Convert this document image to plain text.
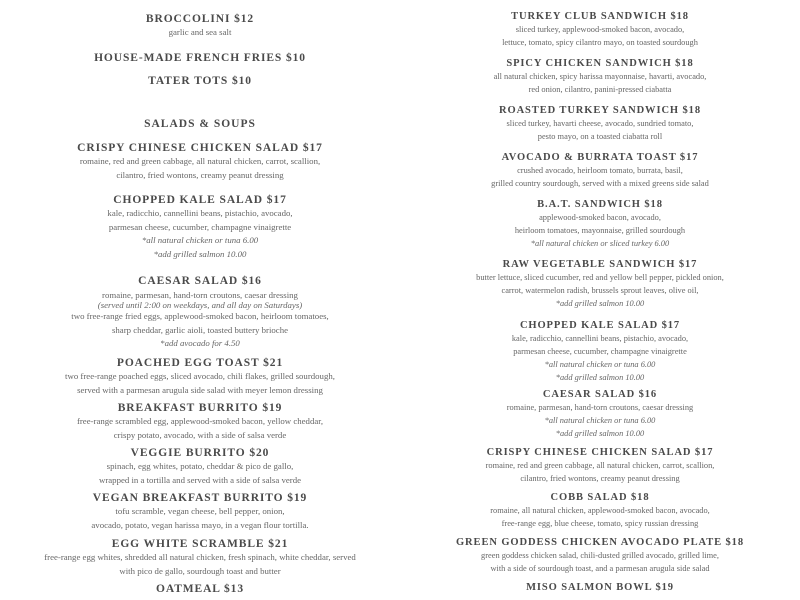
BROCCOLINI $12
garlic and sea salt
HOUSE-MADE FRENCH FRIES $10
TATER TOTS $10
SALADS & SOUPS
CRISPY CHINESE CHICKEN SALAD $17
romaine, red and green cabbage, all natural chicken, carrot, scallion,
cilantro, fried wontons, creamy peanut dressing
CHOPPED KALE SALAD $17
kale, radicchio, cannellini beans, pistachio, avocado,
parmesan cheese, cucumber, champagne vinaigrette
*all natural chicken or tuna 6.00
*add grilled salmon 10.00
CAESAR SALAD $16
romaine, parmesan, hand-torn croutons, caesar dressing
(served until 2:00 on weekdays, and all day on Saturdays)
two free-range fried eggs, applewood-smoked bacon, heirloom tomatoes,
sharp cheddar, garlic aioli, toasted buttery brioche
*add avocado for 4.50
POACHED EGG TOAST $21
two free-range poached eggs, sliced avocado, chili flakes, grilled sourdough,
served with a parmesan arugula side salad with meyer lemon dressing
BREAKFAST BURRITO $19
free-range scrambled egg, applewood-smoked bacon, yellow cheddar,
crispy potato, avocado, with a side of salsa verde
VEGGIE BURRITO $20
spinach, egg whites, potato, cheddar & pico de gallo,
wrapped in a tortilla and served with a side of salsa verde
VEGAN BREAKFAST BURRITO $19
tofu scramble, vegan cheese, bell pepper, onion,
avocado, potato, vegan harissa mayo, in a vegan flour tortilla.
EGG WHITE SCRAMBLE $21
free-range egg whites, shredded all natural chicken, fresh spinach, white cheddar, served
with pico de gallo, sourdough toast and butter
OATMEAL $13
TURKEY CLUB SANDWICH $18
sliced turkey, applewood-smoked bacon, avocado,
lettuce, tomato, spicy cilantro mayo, on toasted sourdough
SPICY CHICKEN SANDWICH $18
all natural chicken, spicy harissa mayonnaise, havarti, avocado,
red onion, cilantro, panini-pressed ciabatta
ROASTED TURKEY SANDWICH $18
sliced turkey, havarti cheese, avocado, sundried tomato,
pesto mayo, on a toasted ciabatta roll
AVOCADO & BURRATA TOAST $17
crushed avocado, heirloom tomato, burrata, basil,
grilled country sourdough, served with a mixed greens side salad
B.A.T. SANDWICH $18
applewood-smoked bacon, avocado,
heirloom tomatoes, mayonnaise, grilled sourdough
*all natural chicken or sliced turkey 6.00
RAW VEGETABLE SANDWICH $17
butter lettuce, sliced cucumber, red and yellow bell pepper, pickled onion,
carrot, watermelon radish, brussels sprout leaves, olive oil,
*add grilled salmon 10.00
CHOPPED KALE SALAD $17
kale, radicchio, cannellini beans, pistachio, avocado,
parmesan cheese, cucumber, champagne vinaigrette
*all natural chicken or tuna 6.00
*add grilled salmon 10.00
CAESAR SALAD $16
romaine, parmesan, hand-torn croutons, caesar dressing
*all natural chicken or tuna 6.00
*add grilled salmon 10.00
CRISPY CHINESE CHICKEN SALAD $17
romaine, red and green cabbage, all natural chicken, carrot, scallion,
cilantro, fried wontons, creamy peanut dressing
COBB SALAD $18
romaine, all natural chicken, applewood-smoked bacon, avocado,
free-range egg, blue cheese, tomato, spicy russian dressing
GREEN GODDESS CHICKEN AVOCADO PLATE $18
green goddess chicken salad, chili-dusted grilled avocado, grilled lime,
with a side of sourdough toast, and a parmesan arugula side salad
MISO SALMON BOWL $19
